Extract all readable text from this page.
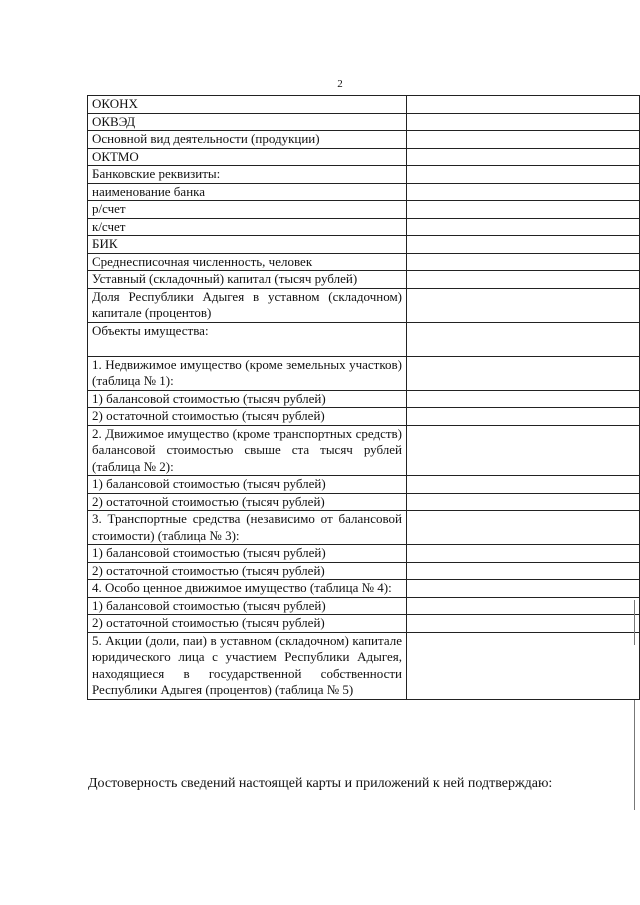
2
ОКОНХ	
ОКВЭД	
Основной вид деятельности (продукции)	
ОКТМО	
Банковские реквизиты:	
наименование банка	
р/счет	
к/счет	
БИК	
Среднесписочная численность, человек	
Уставный (складочный) капитал (тысяч рублей)	
Доля Республики Адыгея в уставном (складочном) капитале (процентов)	
Объекты имущества:	
1. Недвижимое имущество (кроме земельных участков) (таблица № 1):	
1) балансовой стоимостью (тысяч рублей)	
2) остаточной стоимостью (тысяч рублей)	
2. Движимое имущество (кроме транспортных средств) балансовой стоимостью свыше ста тысяч рублей (таблица № 2):	
1) балансовой стоимостью (тысяч рублей)	
2) остаточной стоимостью (тысяч рублей)	
3. Транспортные средства (независимо от балансовой стоимости) (таблица № 3):	
1) балансовой стоимостью (тысяч рублей)	
2) остаточной стоимостью (тысяч рублей)	
4. Особо ценное движимое имущество (таблица № 4):	
1) балансовой стоимостью (тысяч рублей)	
2) остаточной стоимостью (тысяч рублей)	
5. Акции (доли, паи) в уставном (складочном) капитале юридического лица с участием Республики Адыгея, находящиеся в государственной собственности Республики Адыгея (процентов) (таблица № 5)	
Достоверность сведений настоящей карты и приложений к ней подтверждаю:
